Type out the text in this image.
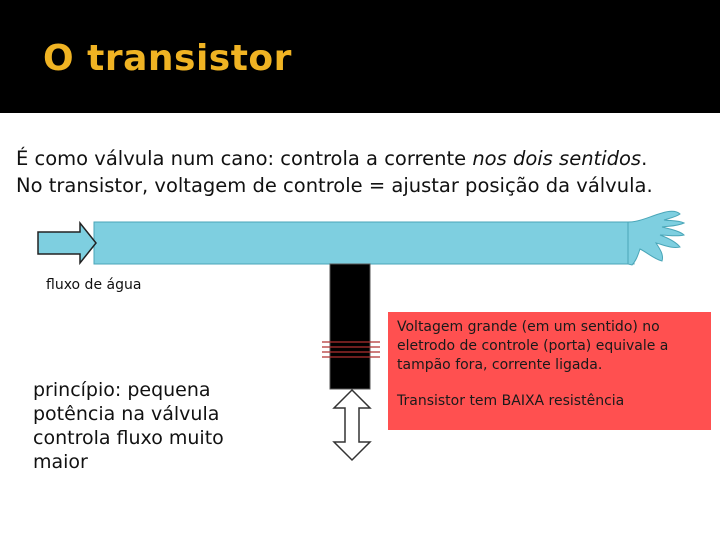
O transistor

É como válvula num cano: controla a corrente nos dois sentidos.

No transistor, voltagem de controle = ajustar posição da válvula.

fluxo de água
princípio: pequena potência na válvula controla fluxo muito maior

Voltagem grande (em um sentido) no eletrodo de controle (porta) equivale a tampão fora, corrente ligada.

Transistor tem BAIXA resistência
